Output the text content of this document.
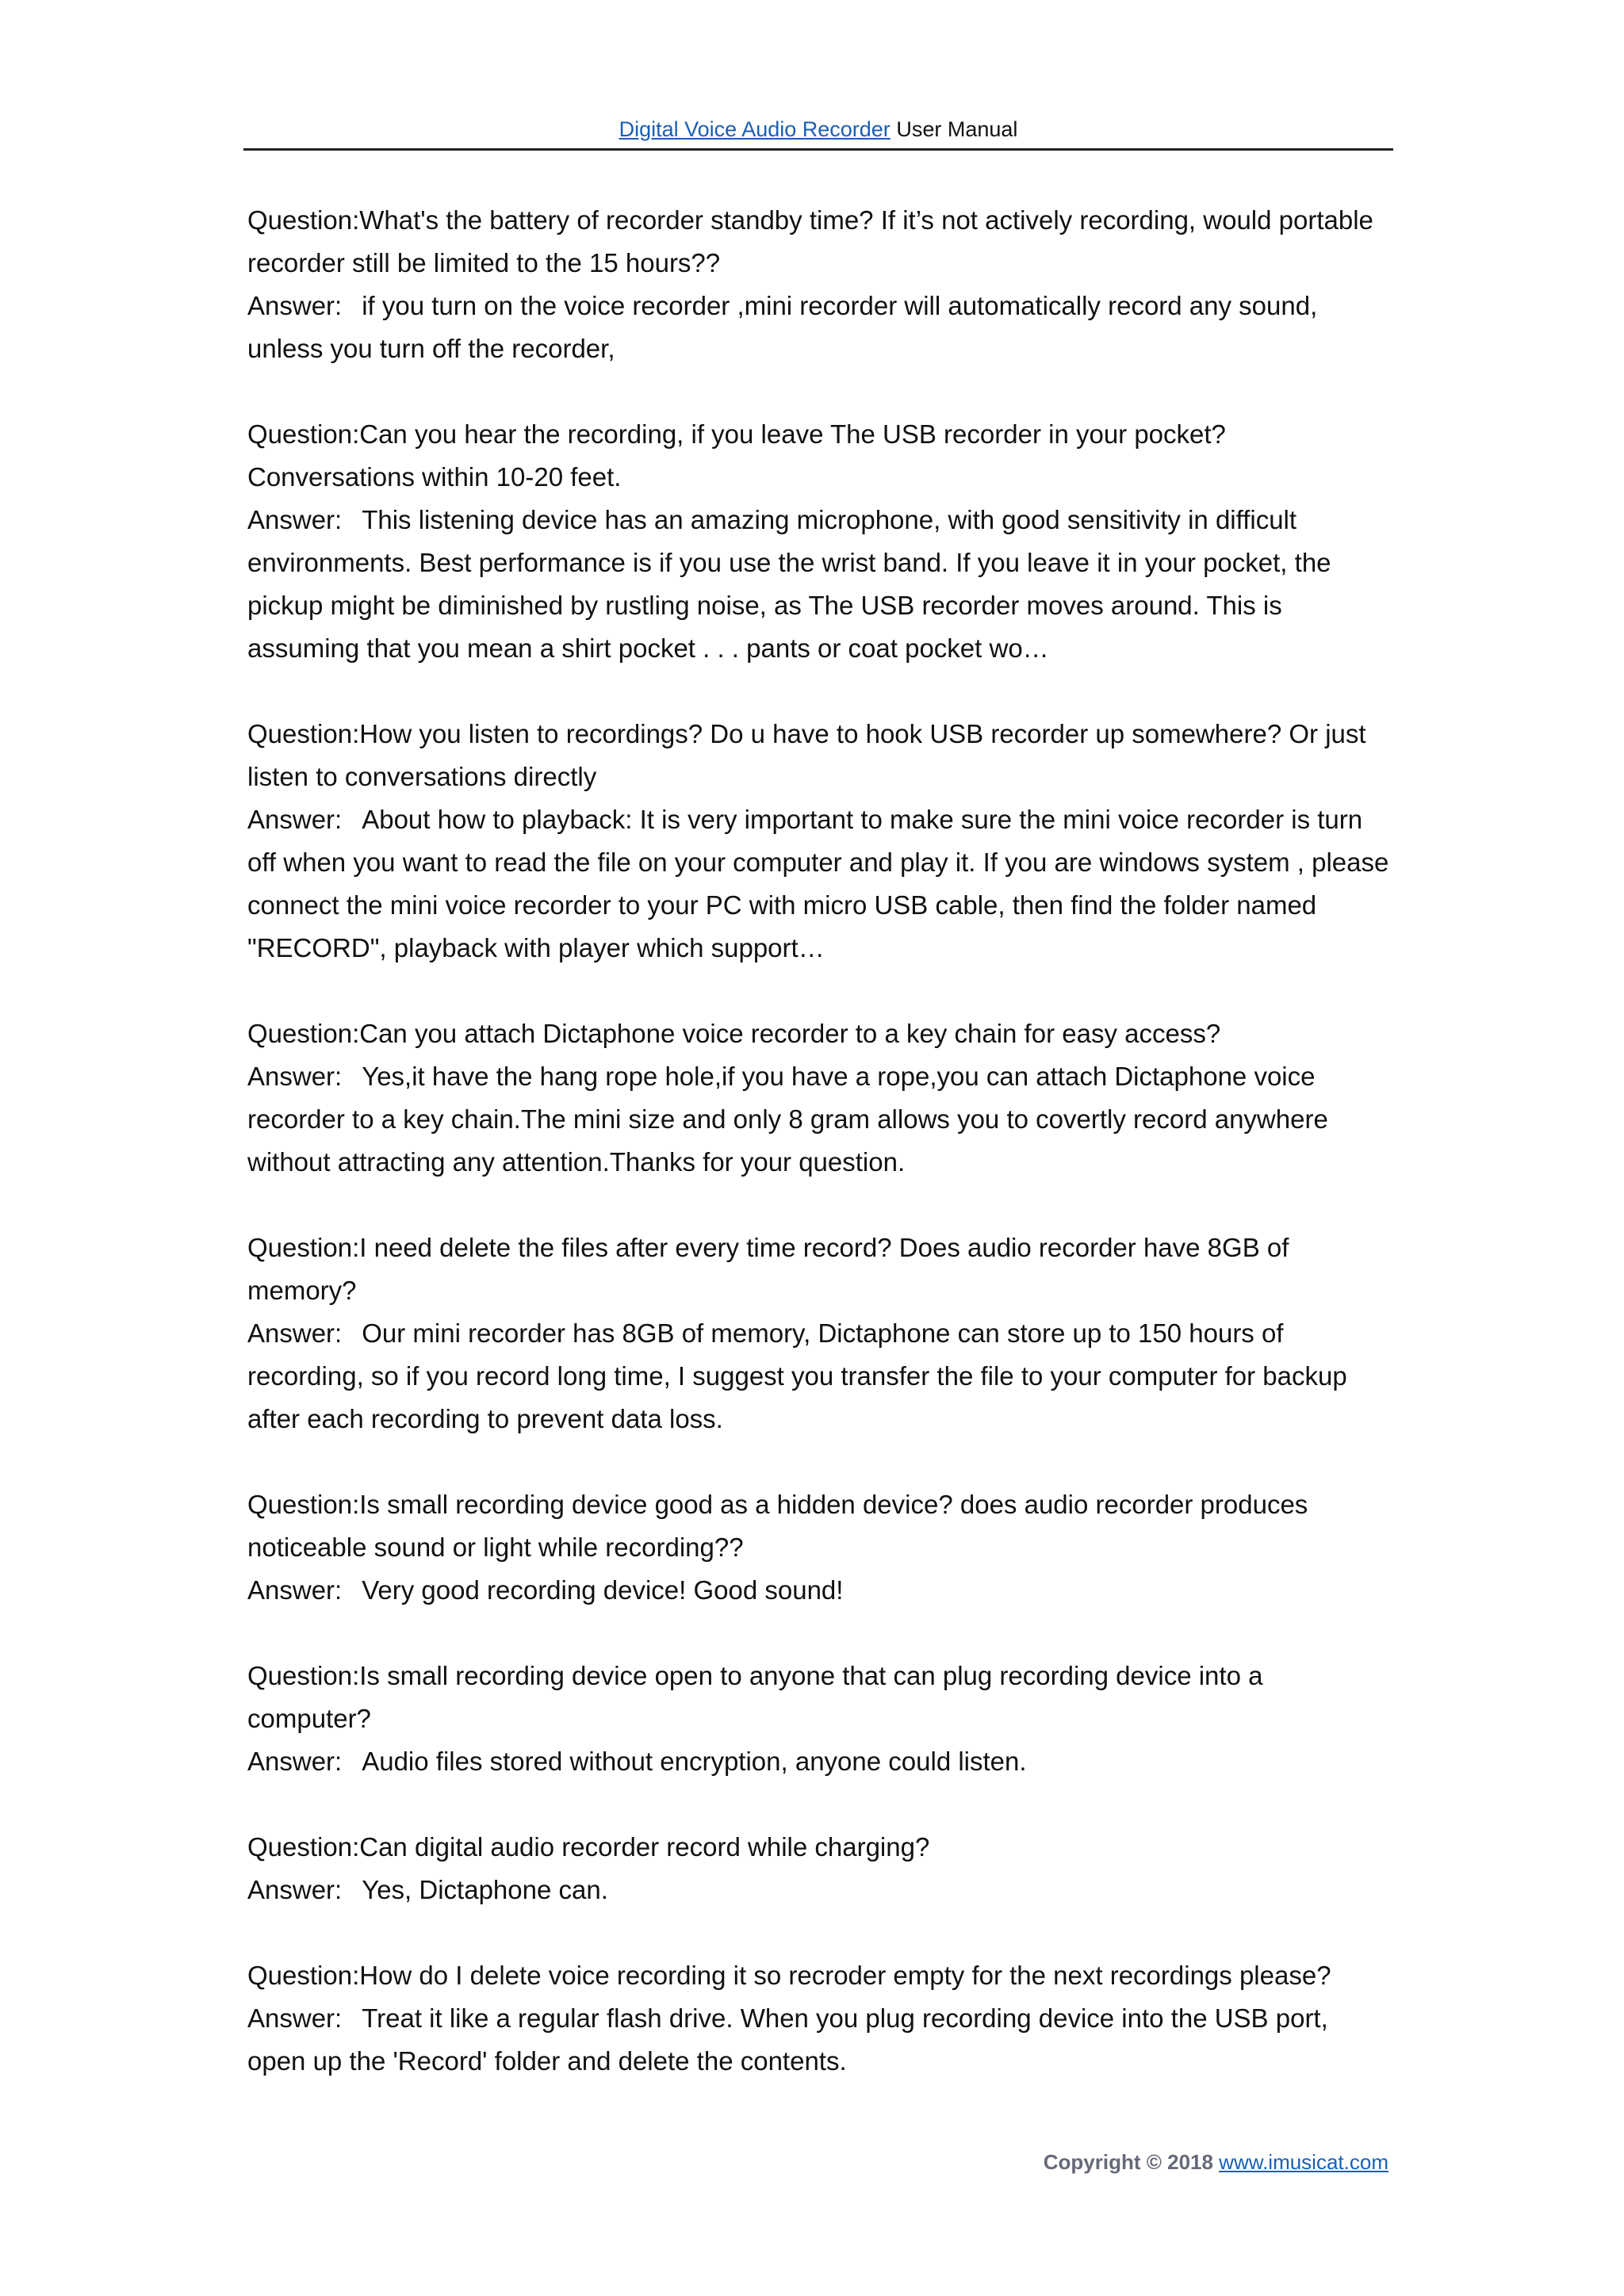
Digital Voice Audio Recorder User Manual
Question:What's the battery of recorder standby time? If it’s not actively recording, would portable recorder still be limited to the 15 hours??
Answer: if you turn on the voice recorder ,mini recorder will automatically record any sound, unless you turn off the recorder,
Question:Can you hear the recording, if you leave The USB recorder in your pocket? Conversations within 10-20 feet.
Answer: This listening device has an amazing microphone, with good sensitivity in difficult environments. Best performance is if you use the wrist band. If you leave it in your pocket, the pickup might be diminished by rustling noise, as The USB recorder moves around. This is assuming that you mean a shirt pocket . . . pants or coat pocket wo…
Question:How you listen to recordings? Do u have to hook USB recorder up somewhere? Or just listen to conversations directly
Answer: About how to playback: It is very important to make sure the mini voice recorder is turn off when you want to read the file on your computer and play it. If you are windows system , please connect the mini voice recorder to your PC with micro USB cable, then find the folder named "RECORD", playback with player which support…
Question:Can you attach Dictaphone voice recorder to a key chain for easy access?
Answer: Yes,it have the hang rope hole,if you have a rope,you can attach Dictaphone voice recorder to a key chain.The mini size and only 8 gram allows you to covertly record anywhere without attracting any attention.Thanks for your question.
Question:I need delete the files after every time record? Does audio recorder have 8GB of memory?
Answer: Our mini recorder has 8GB of memory, Dictaphone can store up to 150 hours of recording, so if you record long time, I suggest you transfer the file to your computer for backup after each recording to prevent data loss.
Question:Is small recording device good as a hidden device? does audio recorder produces noticeable sound or light while recording??
Answer: Very good recording device! Good sound!
Question:Is small recording device open to anyone that can plug recording device into a computer?
Answer: Audio files stored without encryption, anyone could listen.
Question:Can digital audio recorder record while charging?
Answer: Yes, Dictaphone can.
Question:How do I delete voice recording it so recroder empty for the next recordings please?
Answer: Treat it like a regular flash drive. When you plug recording device into the USB port, open up the 'Record' folder and delete the contents.
Copyright © 2018 www.imusicat.com
